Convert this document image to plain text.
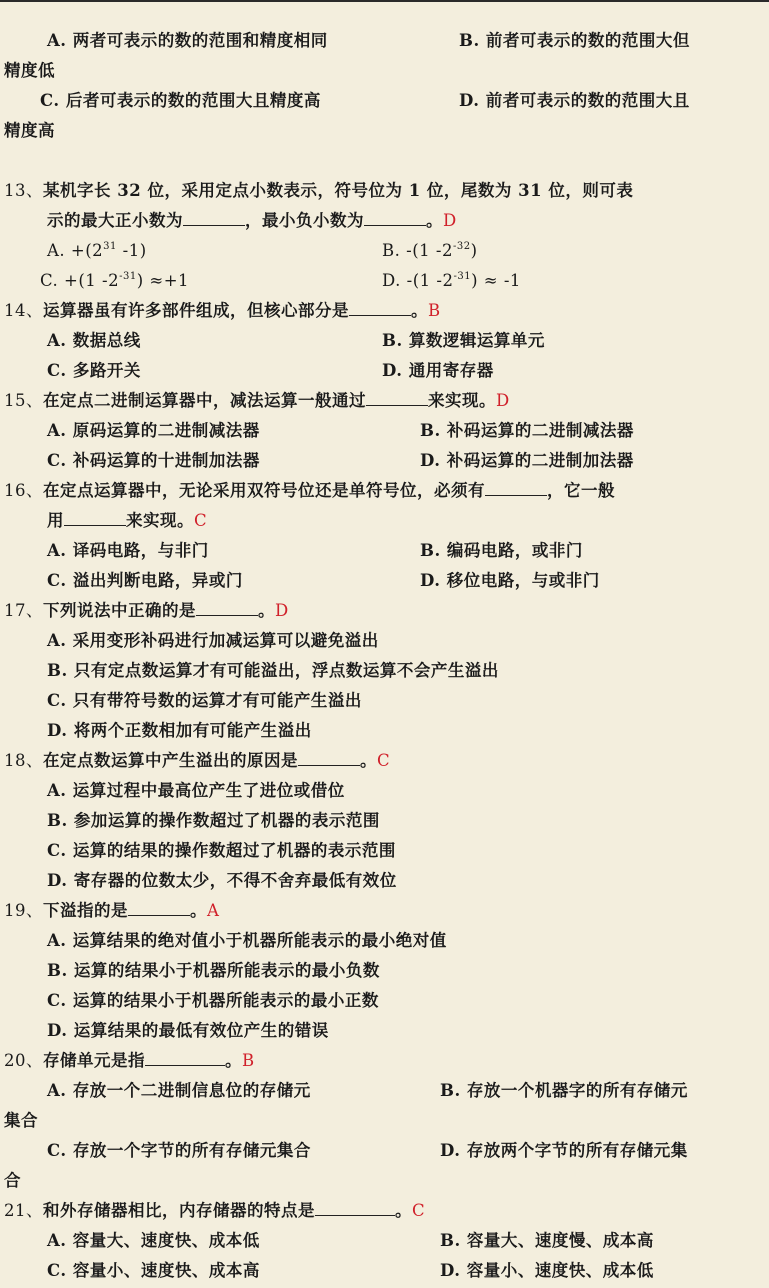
A. 两者可表示的数的范围和精度相同	B. 前者可表示的数的范围大但
精度低
C. 后者可表示的数的范围大且精度高	D. 前者可表示的数的范围大且
精度高
13、某机字长 32 位，采用定点小数表示，符号位为 1 位，尾数为 31 位，则可表
示的最大正小数为	，最小负小数为	。D
A. $+(2^{31}$ -1)	B. -(1 $-2^{-32}$)
C. +(1 $-2^{-31}) \approx+1$	D. -(1 $-2^{-31}) \approx -1$
14、运算器虽有许多部件组成，但核心部分是	。B
A. 数据总线	B. 算数逻辑运算单元
C. 多路开关	D. 通用寄存器
15、在定点二进制运算器中，减法运算一般通过	来实现。D
A. 原码运算的二进制减法器	B. 补码运算的二进制减法器
C. 补码运算的十进制加法器	D. 补码运算的二进制加法器
16、在定点运算器中，无论采用双符号位还是单符号位，必须有	，它一般
用	来实现。C
A. 译码电路，与非门	B. 编码电路，或非门
C. 溢出判断电路，异或门	D. 移位电路，与或非门
17、下列说法中正确的是	。D
A. 采用变形补码进行加减运算可以避免溢出
B. 只有定点数运算才有可能溢出，浮点数运算不会产生溢出
C. 只有带符号数的运算才有可能产生溢出
D. 将两个正数相加有可能产生溢出
18、在定点数运算中产生溢出的原因是	。C
A. 运算过程中最高位产生了进位或借位
B. 参加运算的操作数超过了机器的表示范围
C. 运算的结果的操作数超过了机器的表示范围
D. 寄存器的位数太少，不得不舍弃最低有效位
19、下溢指的是	。A
A. 运算结果的绝对值小于机器所能表示的最小绝对值
B. 运算的结果小于机器所能表示的最小负数
C. 运算的结果小于机器所能表示的最小正数
D. 运算结果的最低有效位产生的错误
20、存储单元是指	。B
A. 存放一个二进制信息位的存储元	B. 存放一个机器字的所有存储元
集合
C. 存放一个字节的所有存储元集合	D. 存放两个字节的所有存储元集
合
21、和外存储器相比，内存储器的特点是	。C
A. 容量大、速度快、成本低	B. 容量大、速度慢、成本高
C. 容量小、速度快、成本高	D. 容量小、速度快、成本低
